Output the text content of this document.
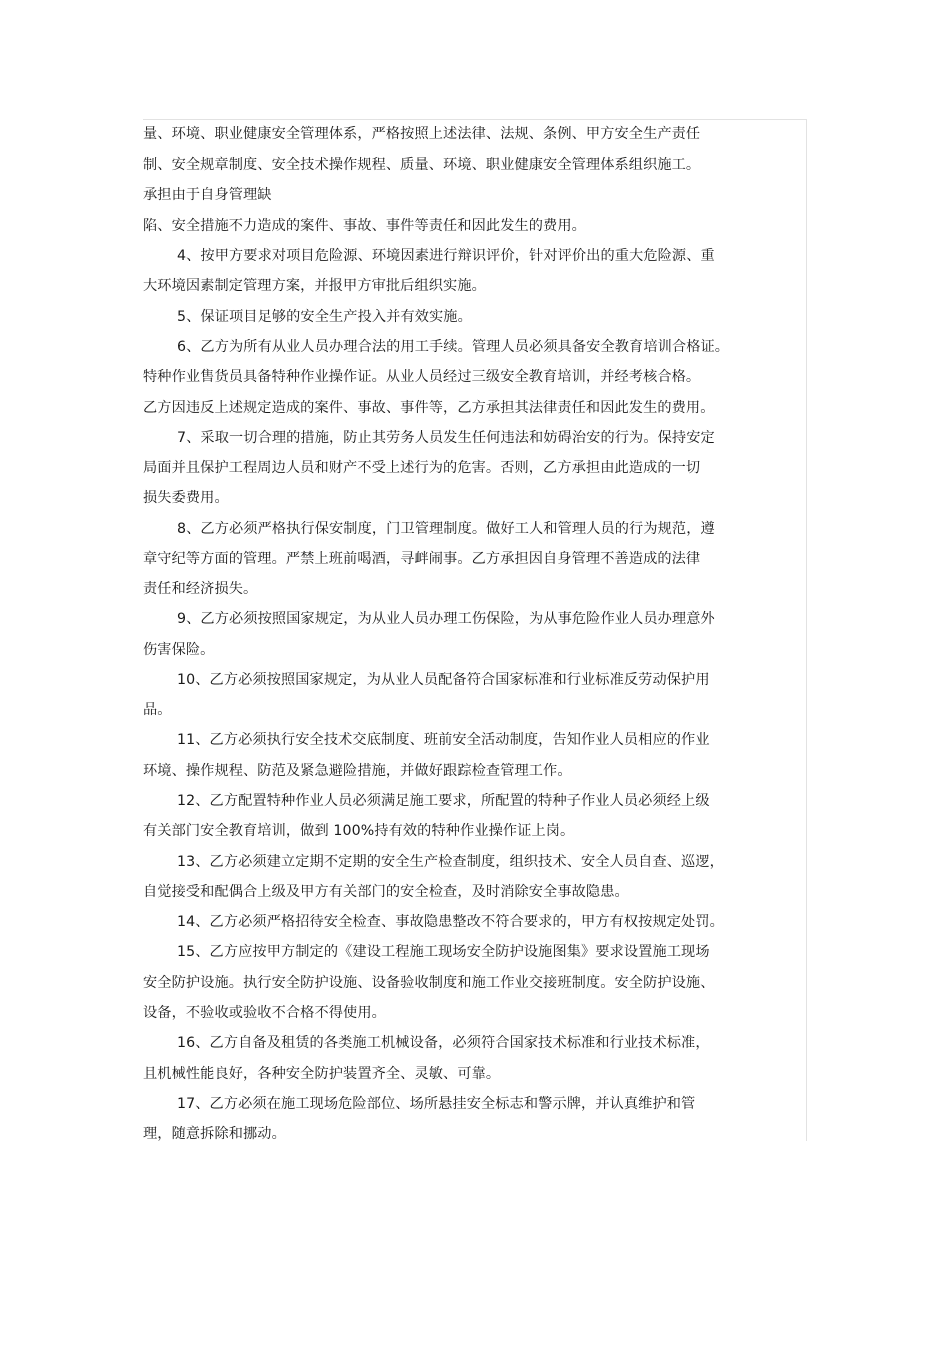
量、环境、职业健康安全管理体系，严格按照上述法律、法规、条例、甲方安全生产责任
制、安全规章制度、安全技术操作规程、质量、环境、职业健康安全管理体系组织施工。
承担由于自身管理缺
陷、安全措施不力造成的案件、事故、事件等责任和因此发生的费用。
4、按甲方要求对项目危险源、环境因素进行辩识评价，针对评价出的重大危险源、重
大环境因素制定管理方案，并报甲方审批后组织实施。
5、保证项目足够的安全生产投入并有效实施。
6、乙方为所有从业人员办理合法的用工手续。管理人员必须具备安全教育培训合格证。
特种作业售货员具备特种作业操作证。从业人员经过三级安全教育培训，并经考核合格。
乙方因违反上述规定造成的案件、事故、事件等，乙方承担其法律责任和因此发生的费用。
7、采取一切合理的措施，防止其劳务人员发生任何违法和妨碍治安的行为。保持安定
局面并且保护工程周边人员和财产不受上述行为的危害。否则，乙方承担由此造成的一切
损失委费用。
8、乙方必须严格执行保安制度，门卫管理制度。做好工人和管理人员的行为规范，遵
章守纪等方面的管理。严禁上班前喝酒，寻衅闹事。乙方承担因自身管理不善造成的法律
责任和经济损失。
9、乙方必须按照国家规定，为从业人员办理工伤保险，为从事危险作业人员办理意外
伤害保险。
10、乙方必须按照国家规定，为从业人员配备符合国家标准和行业标准反劳动保护用
品。
11、乙方必须执行安全技术交底制度、班前安全活动制度，告知作业人员相应的作业
环境、操作规程、防范及紧急避险措施，并做好跟踪检查管理工作。
12、乙方配置特种作业人员必须满足施工要求，所配置的特种子作业人员必须经上级
有关部门安全教育培训，做到 100%持有效的特种作业操作证上岗。
13、乙方必须建立定期不定期的安全生产检查制度，组织技术、安全人员自查、巡逻，
自觉接受和配偶合上级及甲方有关部门的安全检查，及时消除安全事故隐患。
14、乙方必须严格招待安全检查、事故隐患整改不符合要求的，甲方有权按规定处罚。
15、乙方应按甲方制定的《建设工程施工现场安全防护设施图集》要求设置施工现场
安全防护设施。执行安全防护设施、设备验收制度和施工作业交接班制度。安全防护设施、
设备，不验收或验收不合格不得使用。
16、乙方自备及租赁的各类施工机械设备，必须符合国家技术标准和行业技术标准，
且机械性能良好，各种安全防护装置齐全、灵敏、可靠。
17、乙方必须在施工现场危险部位、场所悬挂安全标志和警示牌，并认真维护和管
理，随意拆除和挪动。
